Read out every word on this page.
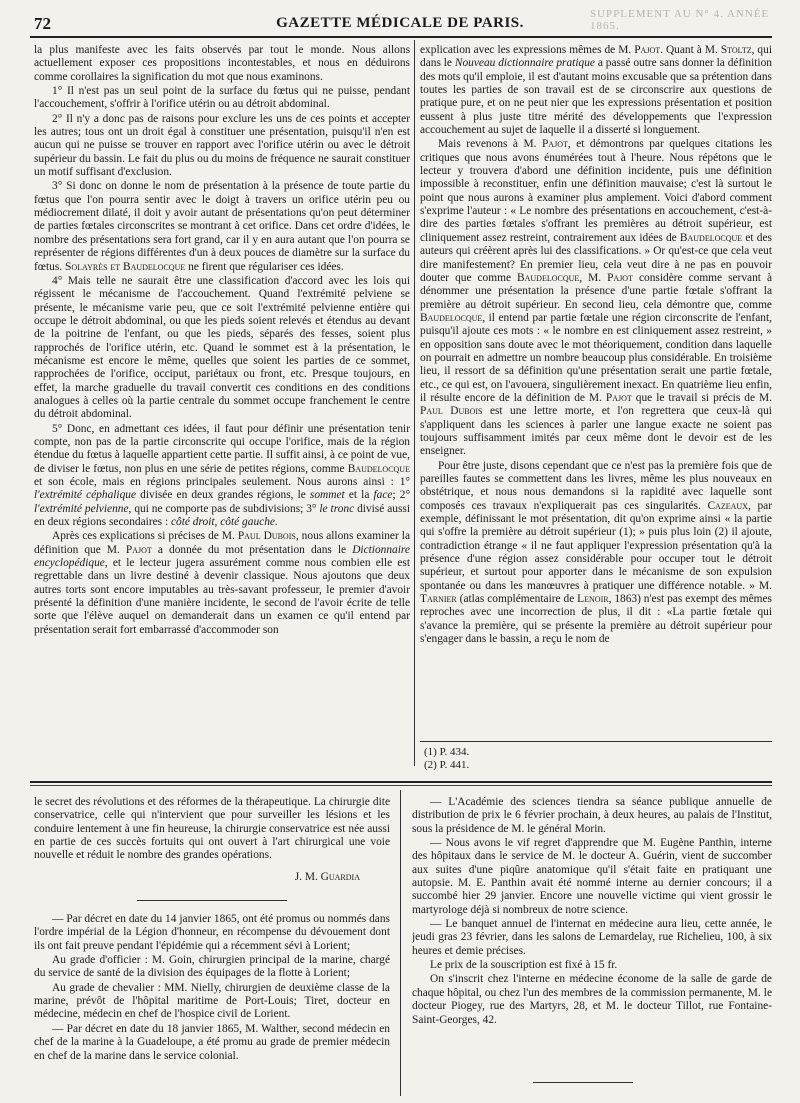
72	GAZETTE MÉDICALE DE PARIS.
SUPPLEMENT AU N° 4. ANNÉE 1865.

la plus manifeste avec les faits observés par tout le monde. Nous allons actuellement exposer ces propositions incontestables, et nous en déduirons comme corollaires la signification du mot que nous examinons.

1° Il n'est pas un seul point de la surface du fœtus qui ne puisse, pendant l'accouchement, s'offrir à l'orifice utérin ou au détroit abdominal.

2° Il n'y a donc pas de raisons pour exclure les uns de ces points et accepter les autres; tous ont un droit égal à constituer une présentation, puisqu'il n'en est aucun qui ne puisse se trouver en rapport avec l'orifice utérin ou avec le détroit supérieur du bassin. Le fait du plus ou du moins de fréquence ne saurait constituer un motif suffisant d'exclusion.

3° Si donc on donne le nom de présentation à la présence de toute partie du fœtus que l'on pourra sentir avec le doigt à travers un orifice utérin peu ou médiocrement dilaté, il doit y avoir autant de présentations qu'on peut déterminer de parties fœtales circonscrites se montrant à cet orifice. Dans cet ordre d'idées, le nombre des présentations sera fort grand, car il y en aura autant que l'on pourra se représenter de régions différentes d'un à deux pouces de diamètre sur la surface du fœtus. Solayrès et Baudelocque ne firent que régulariser ces idées.

4° Mais telle ne saurait être une classification d'accord avec les lois qui régissent le mécanisme de l'accouchement. Quand l'extrémité pelviene se présente, le mécanisme varie peu, que ce soit l'extrémité pelvienne entière qui occupe le détroit abdominal, ou que les pieds soient relevés et étendus au devant de la poitrine de l'enfant, ou que les pieds, séparés des fesses, soient plus rapprochés de l'orifice utérin, etc. Quand le sommet est à la présentation, le mécanisme est encore le même, quelles que soient les parties de ce sommet, rapprochées de l'orifice, occiput, pariétaux ou front, etc. Presque toujours, en effet, la marche graduelle du travail convertit ces conditions en des conditions analogues à celles où la partie centrale du sommet occupe franchement le centre du détroit abdominal.

5° Donc, en admettant ces idées, il faut pour définir une présentation tenir compte, non pas de la partie circonscrite qui occupe l'orifice, mais de la région étendue du fœtus à laquelle appartient cette partie. Il suffit ainsi, à ce point de vue, de diviser le fœtus, non plus en une série de petites régions, comme Baudelocque et son école, mais en régions principales seulement. Nous aurons ainsi : 1° l'extrémité céphalique divisée en deux grandes régions, le sommet et la face; 2° l'extrémité pelvienne, qui ne comporte pas de subdivisions; 3° le tronc divisé aussi en deux régions secondaires : côté droit, côté gauche.

Après ces explications si précises de M. Paul Dubois, nous allons examiner la définition que M. Pajot a donnée du mot présentation dans le Dictionnaire encyclopédique, et le lecteur jugera assurément comme nous combien elle est regrettable dans un livre destiné à devenir classique. Nous ajoutons que deux autres torts sont encore imputables au très-savant professeur, le premier d'avoir présenté la définition d'une manière incidente, le second de l'avoir écrite de telle sorte que l'élève auquel on demanderait dans un examen ce qu'il entend par présentation serait fort embarrassé d'accommoder son

explication avec les expressions mêmes de M. Pajot. Quant à M. Stoltz, qui dans le Nouveau dictionnaire pratique a passé outre sans donner la définition des mots qu'il emploie, il est d'autant moins excusable que sa prétention dans toutes les parties de son travail est de se circonscrire aux questions de pratique pure, et on ne peut nier que les expressions présentation et position eussent à plus juste titre mérité des développements que l'expression accouchement au sujet de laquelle il a disserté si longuement.

Mais revenons à M. Pajot, et démontrons par quelques citations les critiques que nous avons énumérées tout à l'heure. Nous répétons que le lecteur y trouvera d'abord une définition incidente, puis une définition impossible à reconstituer, enfin une définition mauvaise; c'est là surtout le point que nous aurons à examiner plus amplement. Voici d'abord comment s'exprime l'auteur : « Le nombre des présentations en accouchement, c'est-à-dire des parties fœtales s'offrant les premières au détroit supérieur, est cliniquement assez restreint, contrairement aux idées de Baudelocque et des auteurs qui créèrent après lui des classifications. » Or qu'est-ce que cela veut dire manifestement? En premier lieu, cela veut dire à ne pas en pouvoir douter que comme Baudelocque, M. Pajot considère comme servant à dénommer une présentation la présence d'une partie fœtale s'offrant la première au détroit supérieur. En second lieu, cela démontre que, comme Baudelocque, il entend par partie fœtale une région circonscrite de l'enfant, puisqu'il ajoute ces mots : « le nombre en est cliniquement assez restreint, » en opposition sans doute avec le mot théoriquement, condition dans laquelle on pourrait en admettre un nombre beaucoup plus considérable. En troisième lieu, il ressort de sa définition qu'une présentation serait une partie fœtale, etc., ce qui est, on l'avouera, singulièrement inexact. En quatrième lieu enfin, il résulte encore de la définition de M. Pajot que le travail si précis de M. Paul Dubois est une lettre morte, et l'on regrettera que ceux-là qui s'appliquent dans les sciences à parler une langue exacte ne soient pas toujours suffisamment imités par ceux même dont le devoir est de les enseigner.

Pour être juste, disons cependant que ce n'est pas la première fois que de pareilles fautes se commettent dans les livres, même les plus nouveaux en obstétrique, et nous nous demandons si la rapidité avec laquelle sont composés ces travaux n'expliquerait pas ces singularités. Cazeaux, par exemple, définissant le mot présentation, dit qu'on exprime ainsi « la partie qui s'offre la première au détroit supérieur (1); » puis plus loin (2) il ajoute, contradiction étrange « il ne faut appliquer l'expression présentation qu'à la présence d'une région assez considérable pour occuper tout le détroit supérieur, et surtout pour apporter dans le mécanisme de son expulsion spontanée ou dans les manœuvres à pratiquer une différence notable. » M. Tarnier (atlas complémentaire de Lenoir, 1863) n'est pas exempt des mêmes reproches avec une incorrection de plus, il dit : «La partie fœtale qui s'avance la première, qui se présente la première au détroit supérieur pour s'engager dans le bassin, a reçu le nom de

(1) P. 434.
(2) P. 441.

le secret des révolutions et des réformes de la thérapeutique. La chirurgie dite conservatrice, celle qui n'intervient que pour surveiller les lésions et les conduire lentement à une fin heureuse, la chirurgie conservatrice est née aussi en partie de ces succès fortuits qui ont ouvert à l'art chirurgical une voie nouvelle et réduit le nombre des grandes opérations.

J. M. Guardia

— Par décret en date du 14 janvier 1865, ont été promus ou nommés dans l'ordre impérial de la Légion d'honneur, en récompense du dévouement dont ils ont fait preuve pendant l'épidémie qui a récemment sévi à Lorient;

Au grade d'officier : M. Goin, chirurgien principal de la marine, chargé du service de santé de la division des équipages de la flotte à Lorient;

Au grade de chevalier : MM. Nielly, chirurgien de deuxième classe de la marine, prévôt de l'hôpital maritime de Port-Louis; Tiret, docteur en médecine, médecin en chef de l'hospice civil de Lorient.

— Par décret en date du 18 janvier 1865, M. Walther, second médecin en chef de la marine à la Guadeloupe, a été promu au grade de premier médecin en chef de la marine dans le service colonial.

— L'Académie des sciences tiendra sa séance publique annuelle de distribution de prix le 6 février prochain, à deux heures, au palais de l'Institut, sous la présidence de M. le général Morin.

— Nous avons le vif regret d'apprendre que M. Eugène Panthin, interne des hôpitaux dans le service de M. le docteur A. Guérin, vient de succomber aux suites d'une piqûre anatomique qu'il s'était faite en pratiquant une autopsie. M. E. Panthin avait été nommé interne au dernier concours; il a succombé hier 29 janvier. Encore une nouvelle victime qui vient grossir le martyrologe déjà si nombreux de notre science.

— Le banquet annuel de l'internat en médecine aura lieu, cette année, le jeudi gras 23 février, dans les salons de Lemardelay, rue Richelieu, 100, à six heures et demie précises.

Le prix de la souscription est fixé à 15 fr.

On s'inscrit chez l'interne en médecine économe de la salle de garde de chaque hôpital, ou chez l'un des membres de la commission permanente, M. le docteur Piogey, rue des Martyrs, 28, et M. le docteur Tillot, rue Fontaine-Saint-Georges, 42.
